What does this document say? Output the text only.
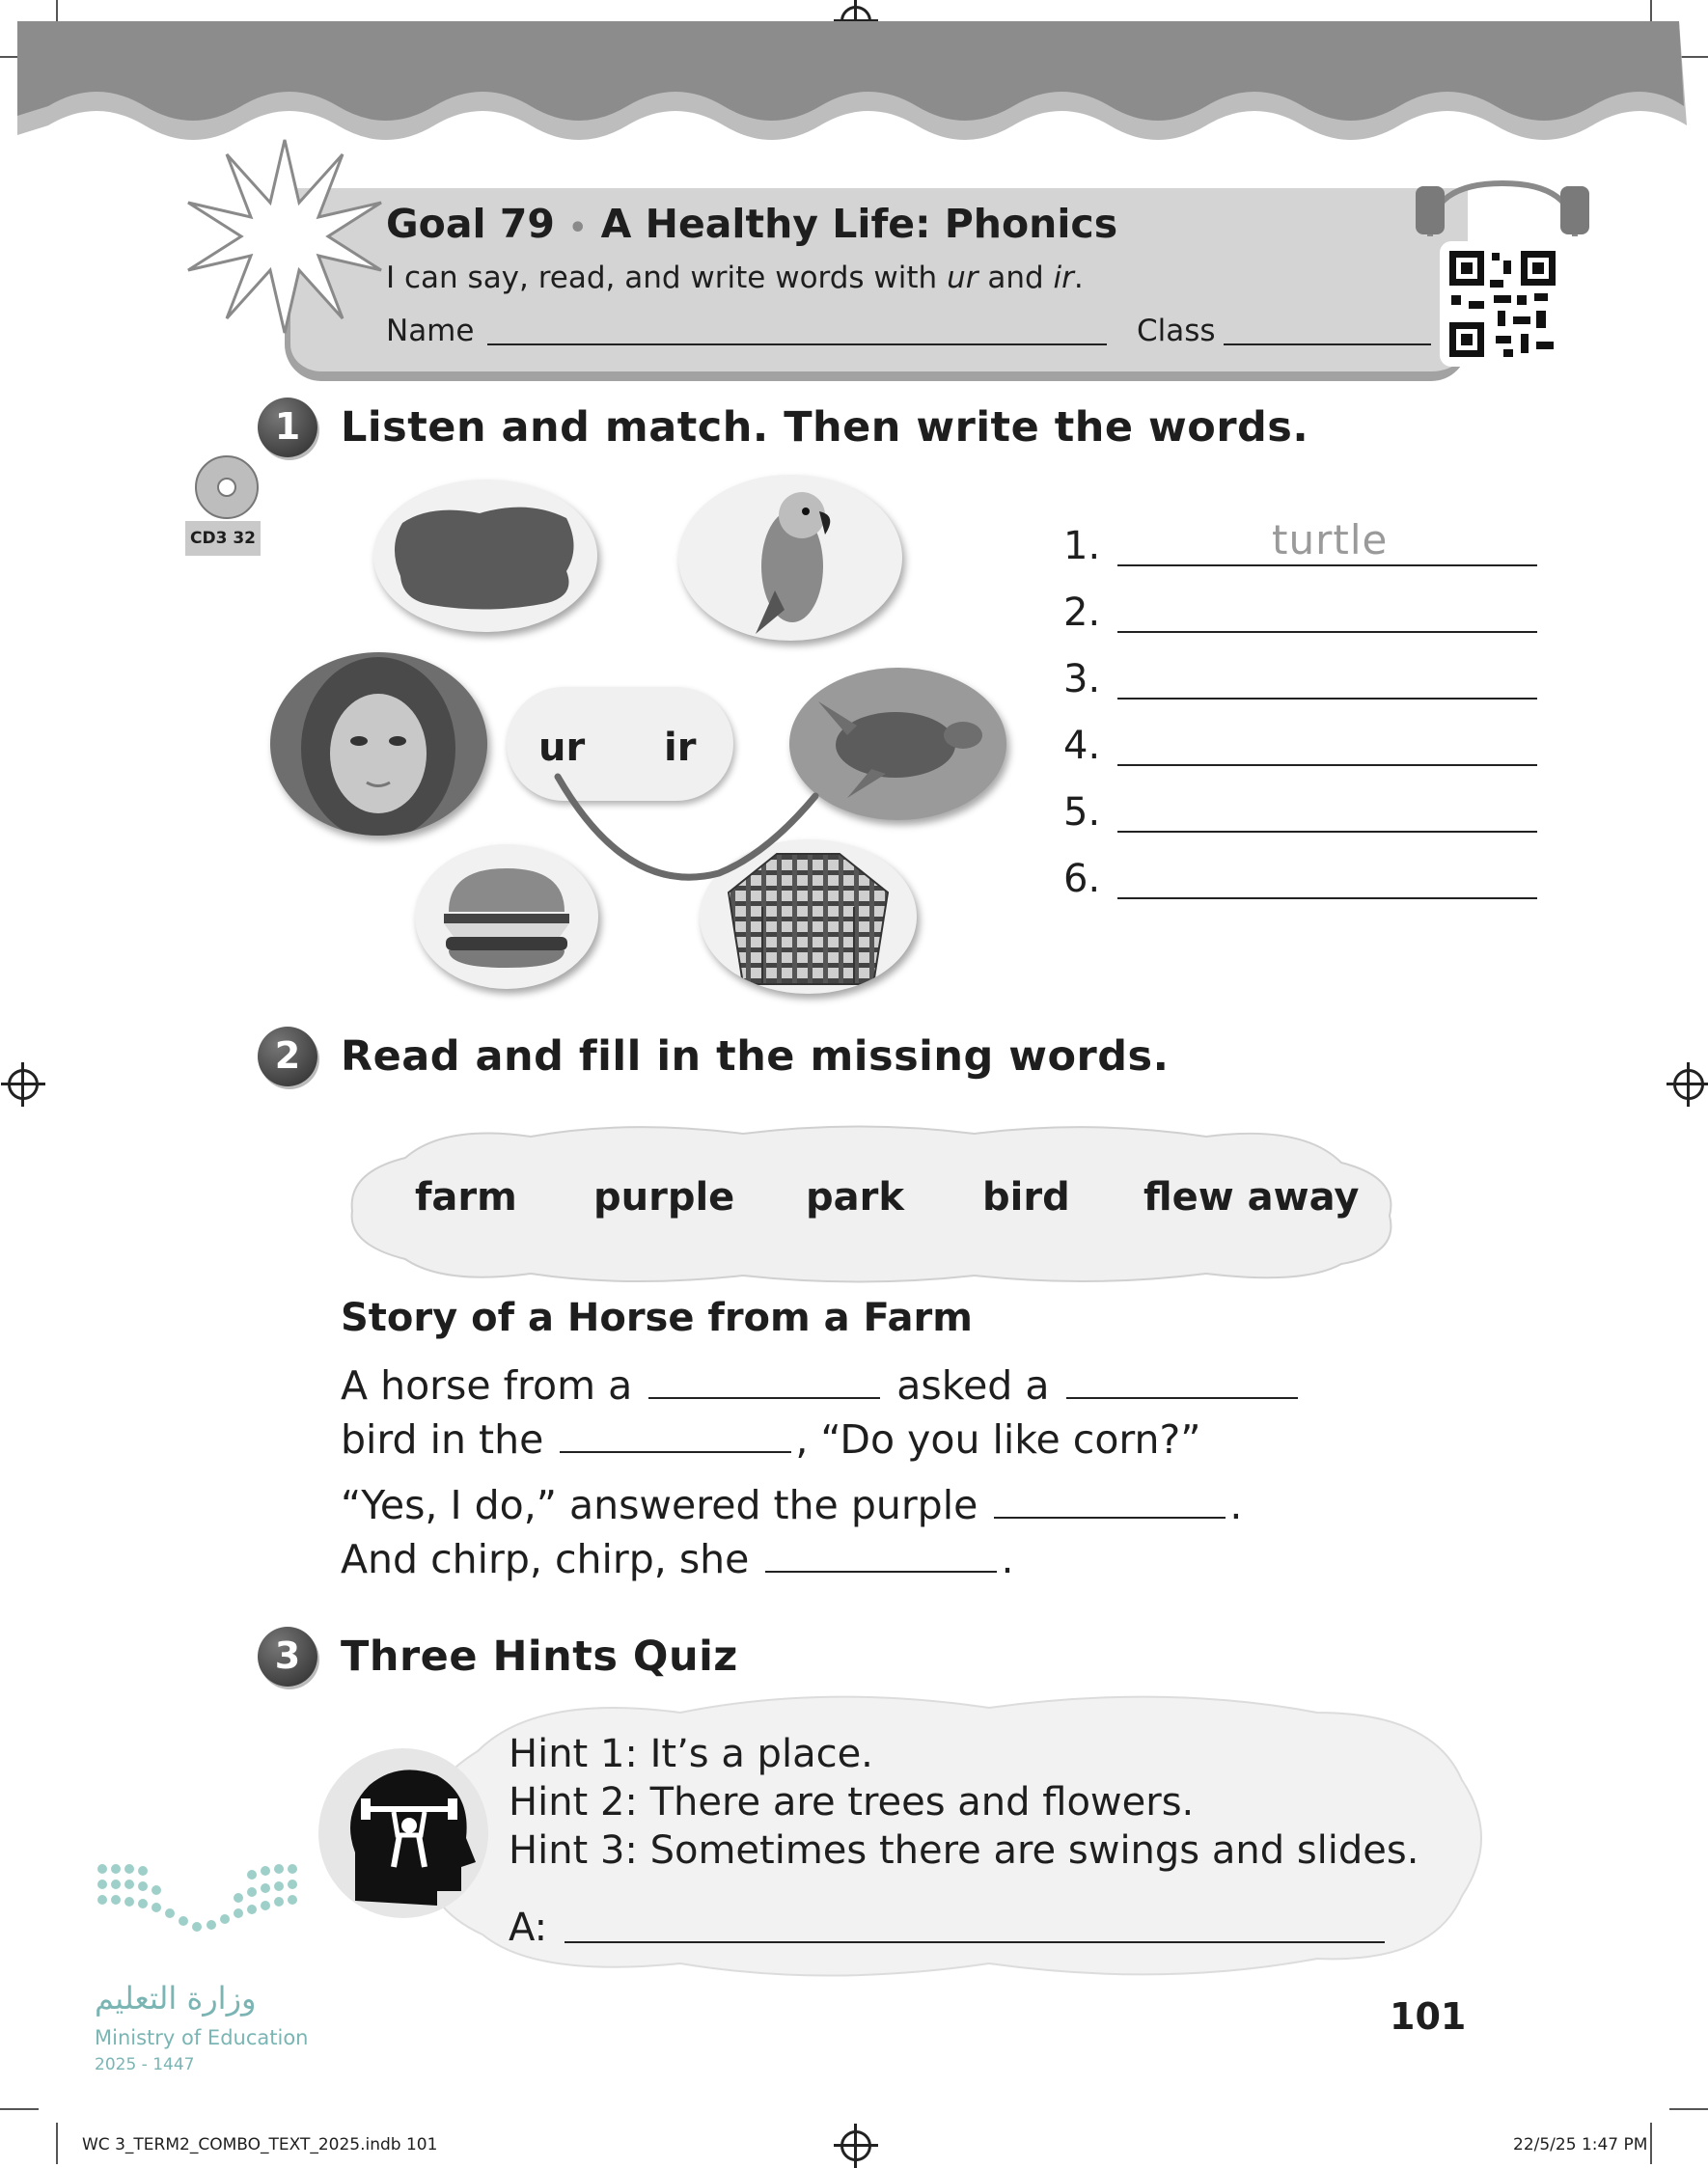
Goal 79 • A Healthy Life: Phonics
I can say, read, and write words with ur and ir.
Name	Class
1 Listen and match. Then write the words.
CD3 32
ur ir
1.	turtle
2.
3.
4.
5.
6.
2 Read and fill in the missing words.
farm purple park bird flew away
Story of a Horse from a Farm
A horse from a	asked a
bird in the	, “Do you like corn?”
“Yes, I do,” answered the purple	.
And chirp, chirp, she	.
3 Three Hints Quiz
Hint 1: It’s a place.
Hint 2: There are trees and flowers.
Hint 3: Sometimes there are swings and slides.
A:
وزارة التعليم
Ministry of Education
2025 - 1447
101
WC 3_TERM2_COMBO_TEXT_2025.indb 101	22/5/25 1:47 PM
